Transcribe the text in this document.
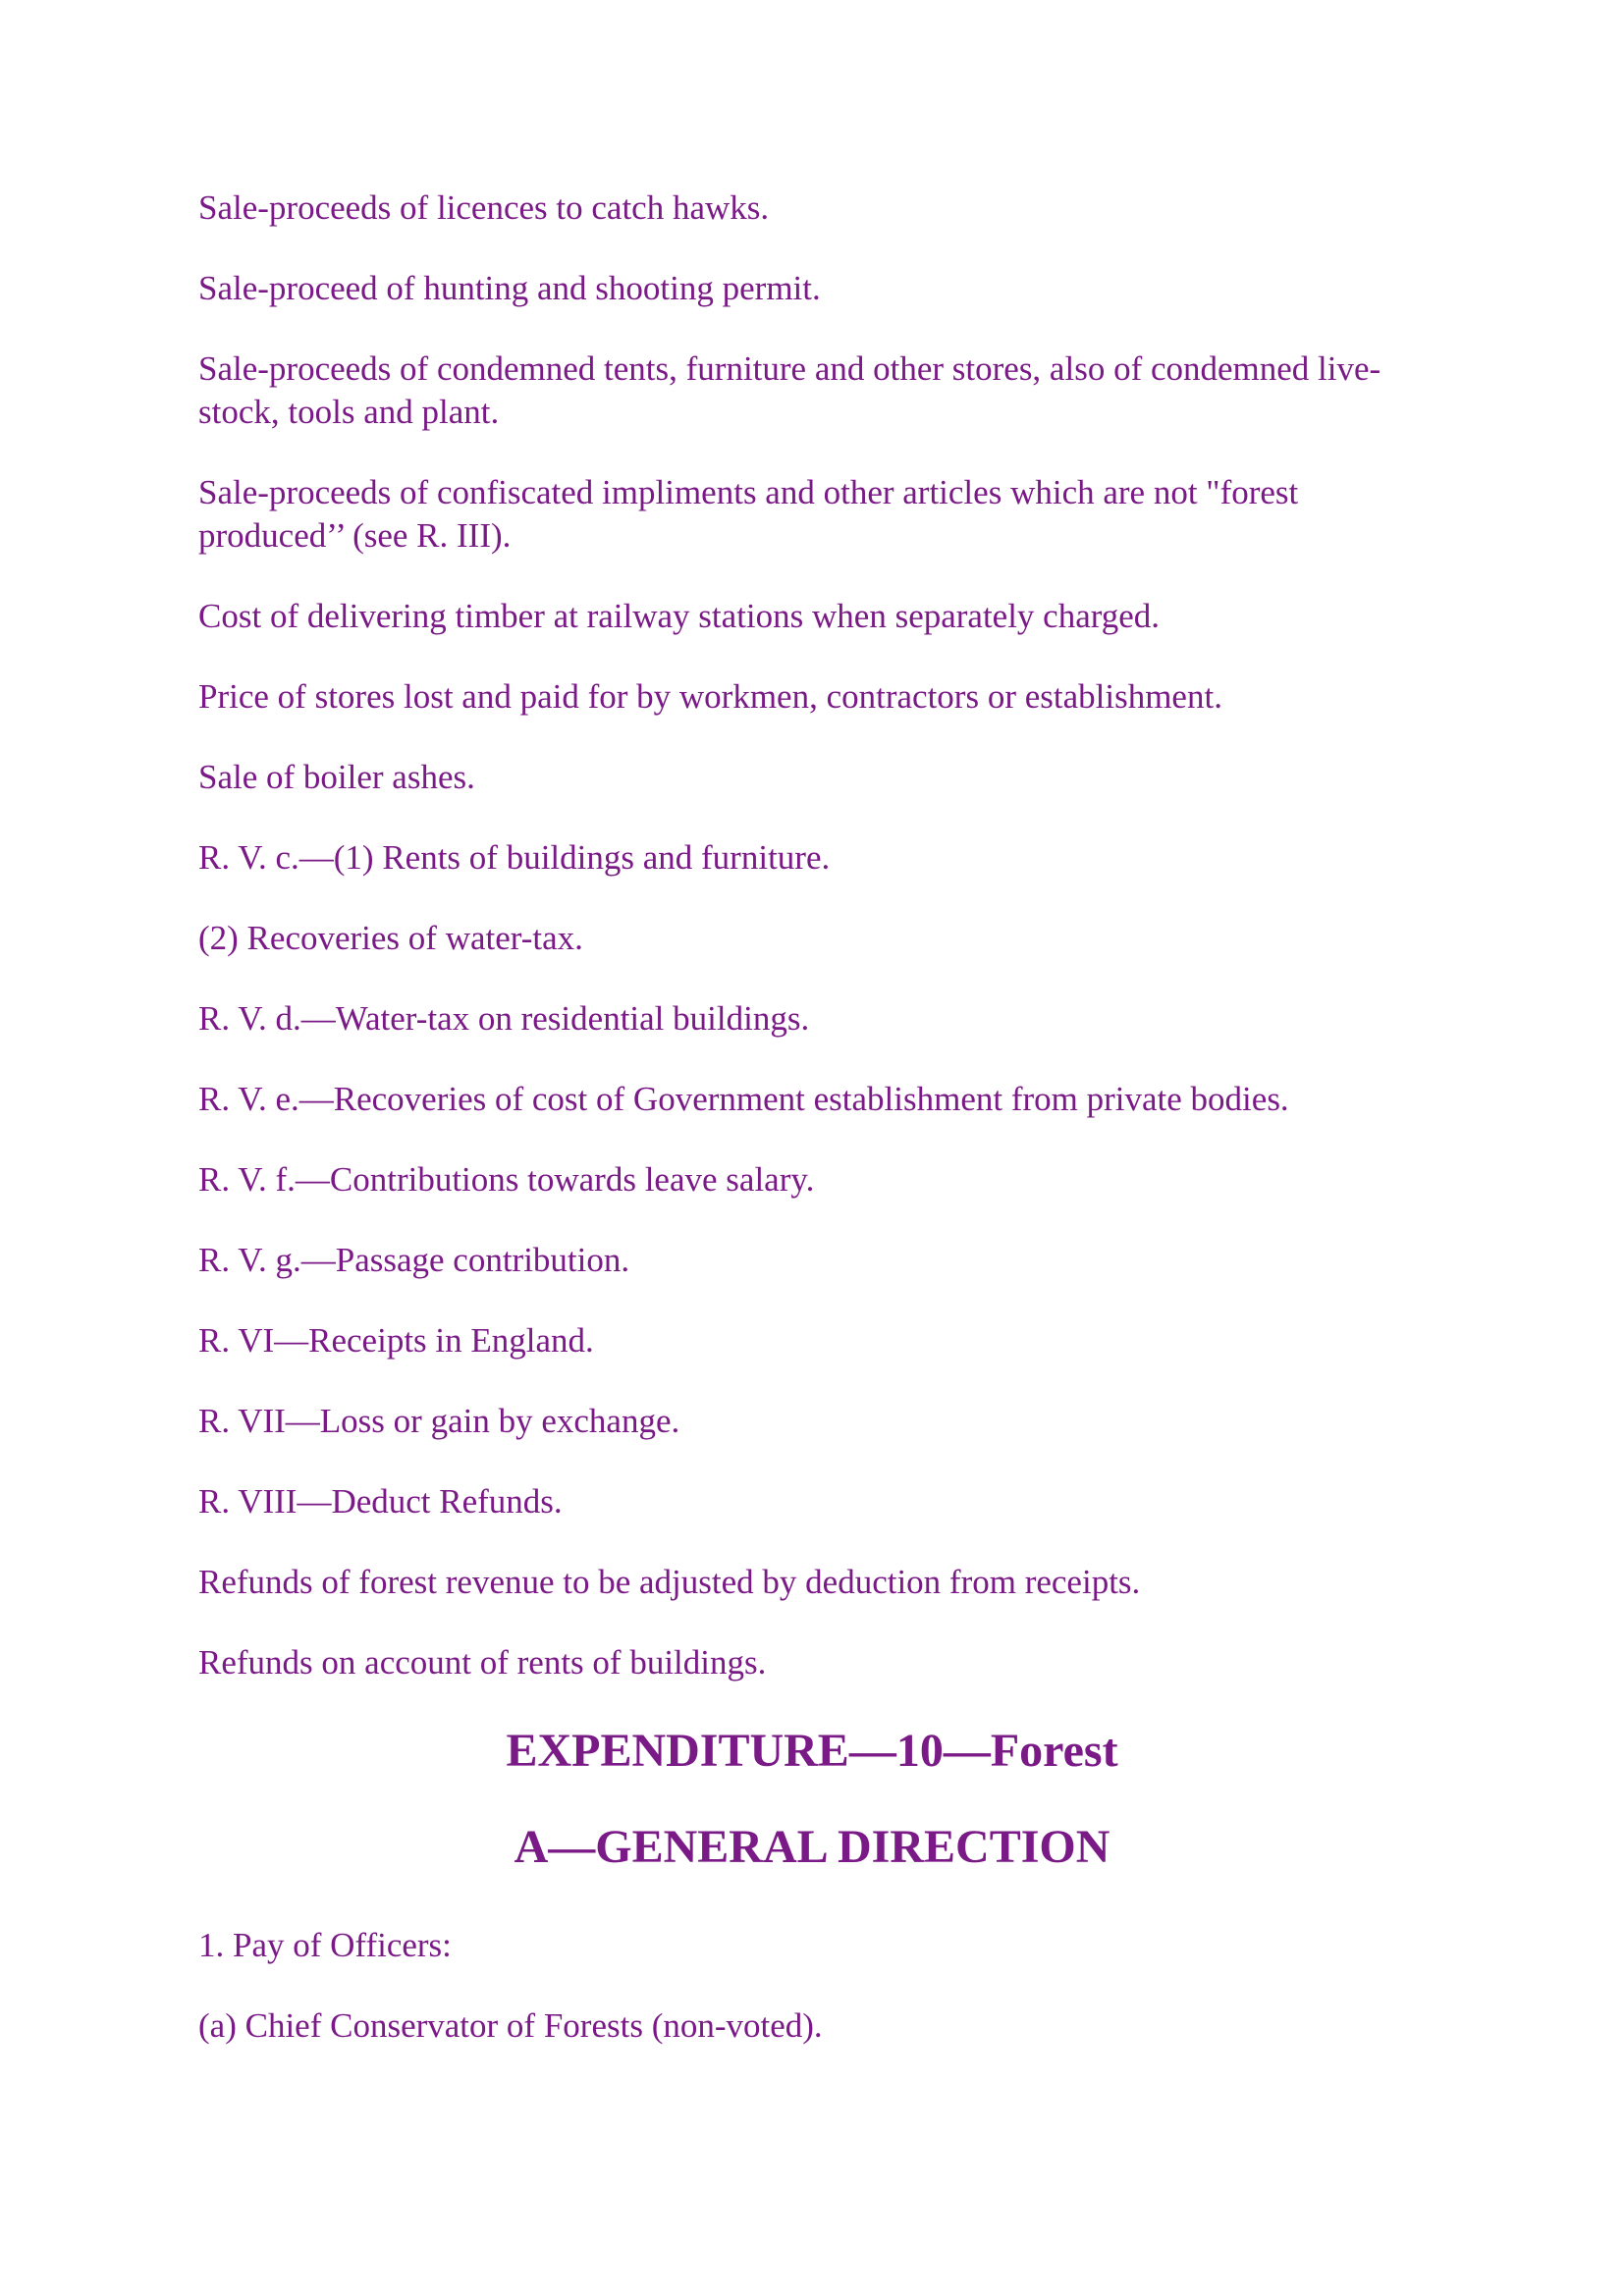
Sale-proceeds of licences to catch hawks.

Sale-proceed of hunting and shooting permit.

Sale-proceeds of condemned tents, furniture and other stores, also of condemned live-stock, tools and plant.

Sale-proceeds of confiscated impliments and other articles which are not "forest produced’’ (see R. III).

Cost of delivering timber at railway stations when separately charged.

Price of stores lost and paid for by workmen, contractors or establishment.

Sale of boiler ashes.

R. V. c.—(1) Rents of buildings and furniture.

(2) Recoveries of water-tax.

R. V. d.—Water-tax on residential buildings.

R. V. e.—Recoveries of cost of Government establishment from private bodies.

R. V. f.—Contributions towards leave salary.

R. V. g.—Passage contribution.

R. VI—Receipts in England.

R. VII—Loss or gain by exchange.

R. VIII—Deduct Refunds.

Refunds of forest revenue to be adjusted by deduction from receipts.

Refunds on account of rents of buildings.

EXPENDITURE—10—Forest
A—GENERAL DIRECTION

1. Pay of Officers:

(a) Chief Conservator of Forests (non-voted).
